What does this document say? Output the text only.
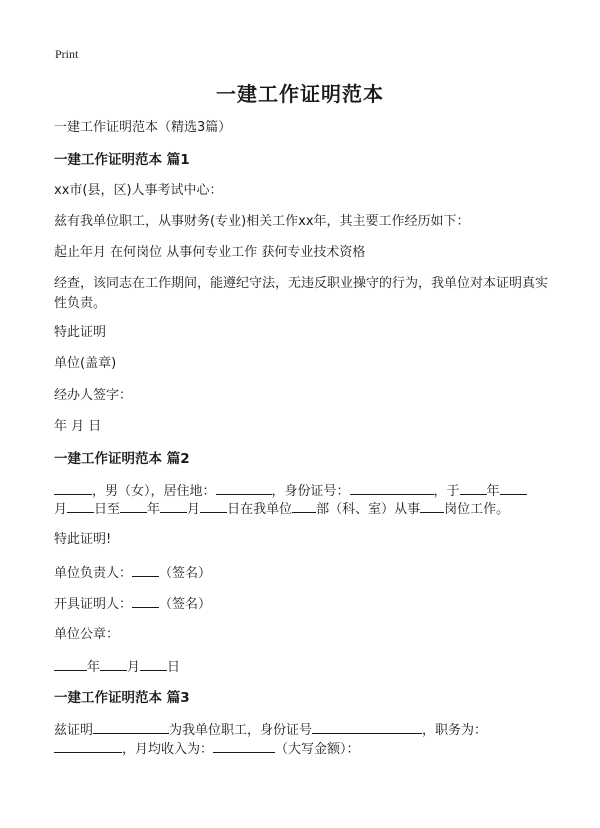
Print
一建工作证明范本
一建工作证明范本（精选3篇）
一建工作证明范本 篇1
xx市(县，区)人事考试中心：
兹有我单位职工，从事财务(专业)相关工作xx年，其主要工作经历如下：
起止年月 在何岗位 从事何专业工作 获何专业技术资格
经查，该同志在工作期间，能遵纪守法，无违反职业操守的行为，我单位对本证明真实性负责。
特此证明
单位(盖章)
经办人签字：
年 月 日
一建工作证明范本 篇2
，男（女），居住地：	，身份证号：	，于 年
月 日至 年 月 日在我单位 部（科、室）从事 岗位工作。
特此证明!
单位负责人： （签名）
开具证明人： （签名）
单位公章：
年 月 日
一建工作证明范本 篇3
兹证明	为我单位职工，身份证号	，职务为：
，月均收入为：	（大写金额）：
